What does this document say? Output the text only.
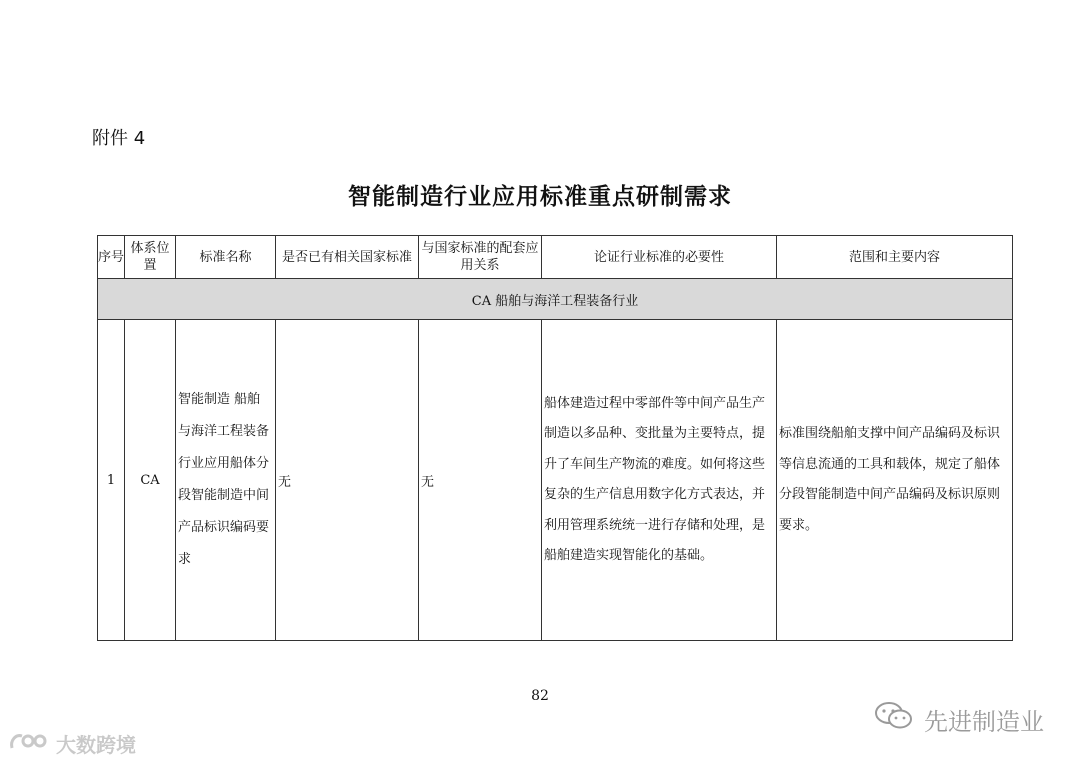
附件 4
智能制造行业应用标准重点研制需求
序号	体系位置	标准名称	是否已有相关国家标准	与国家标准的配套应用关系	论证行业标准的必要性	范围和主要内容
CA 船舶与海洋工程装备行业						
1	CA	智能制造 船舶与海洋工程装备行业应用船体分段智能制造中间产品标识编码要求	无	无	船体建造过程中零部件等中间产品生产制造以多品种、变批量为主要特点，提升了车间生产物流的难度。如何将这些复杂的生产信息用数字化方式表达，并利用管理系统统一进行存储和处理，是船舶建造实现智能化的基础。	标准围绕船舶支撑中间产品编码及标识等信息流通的工具和载体，规定了船体分段智能制造中间产品编码及标识原则要求。
82
大数跨境
先进制造业
